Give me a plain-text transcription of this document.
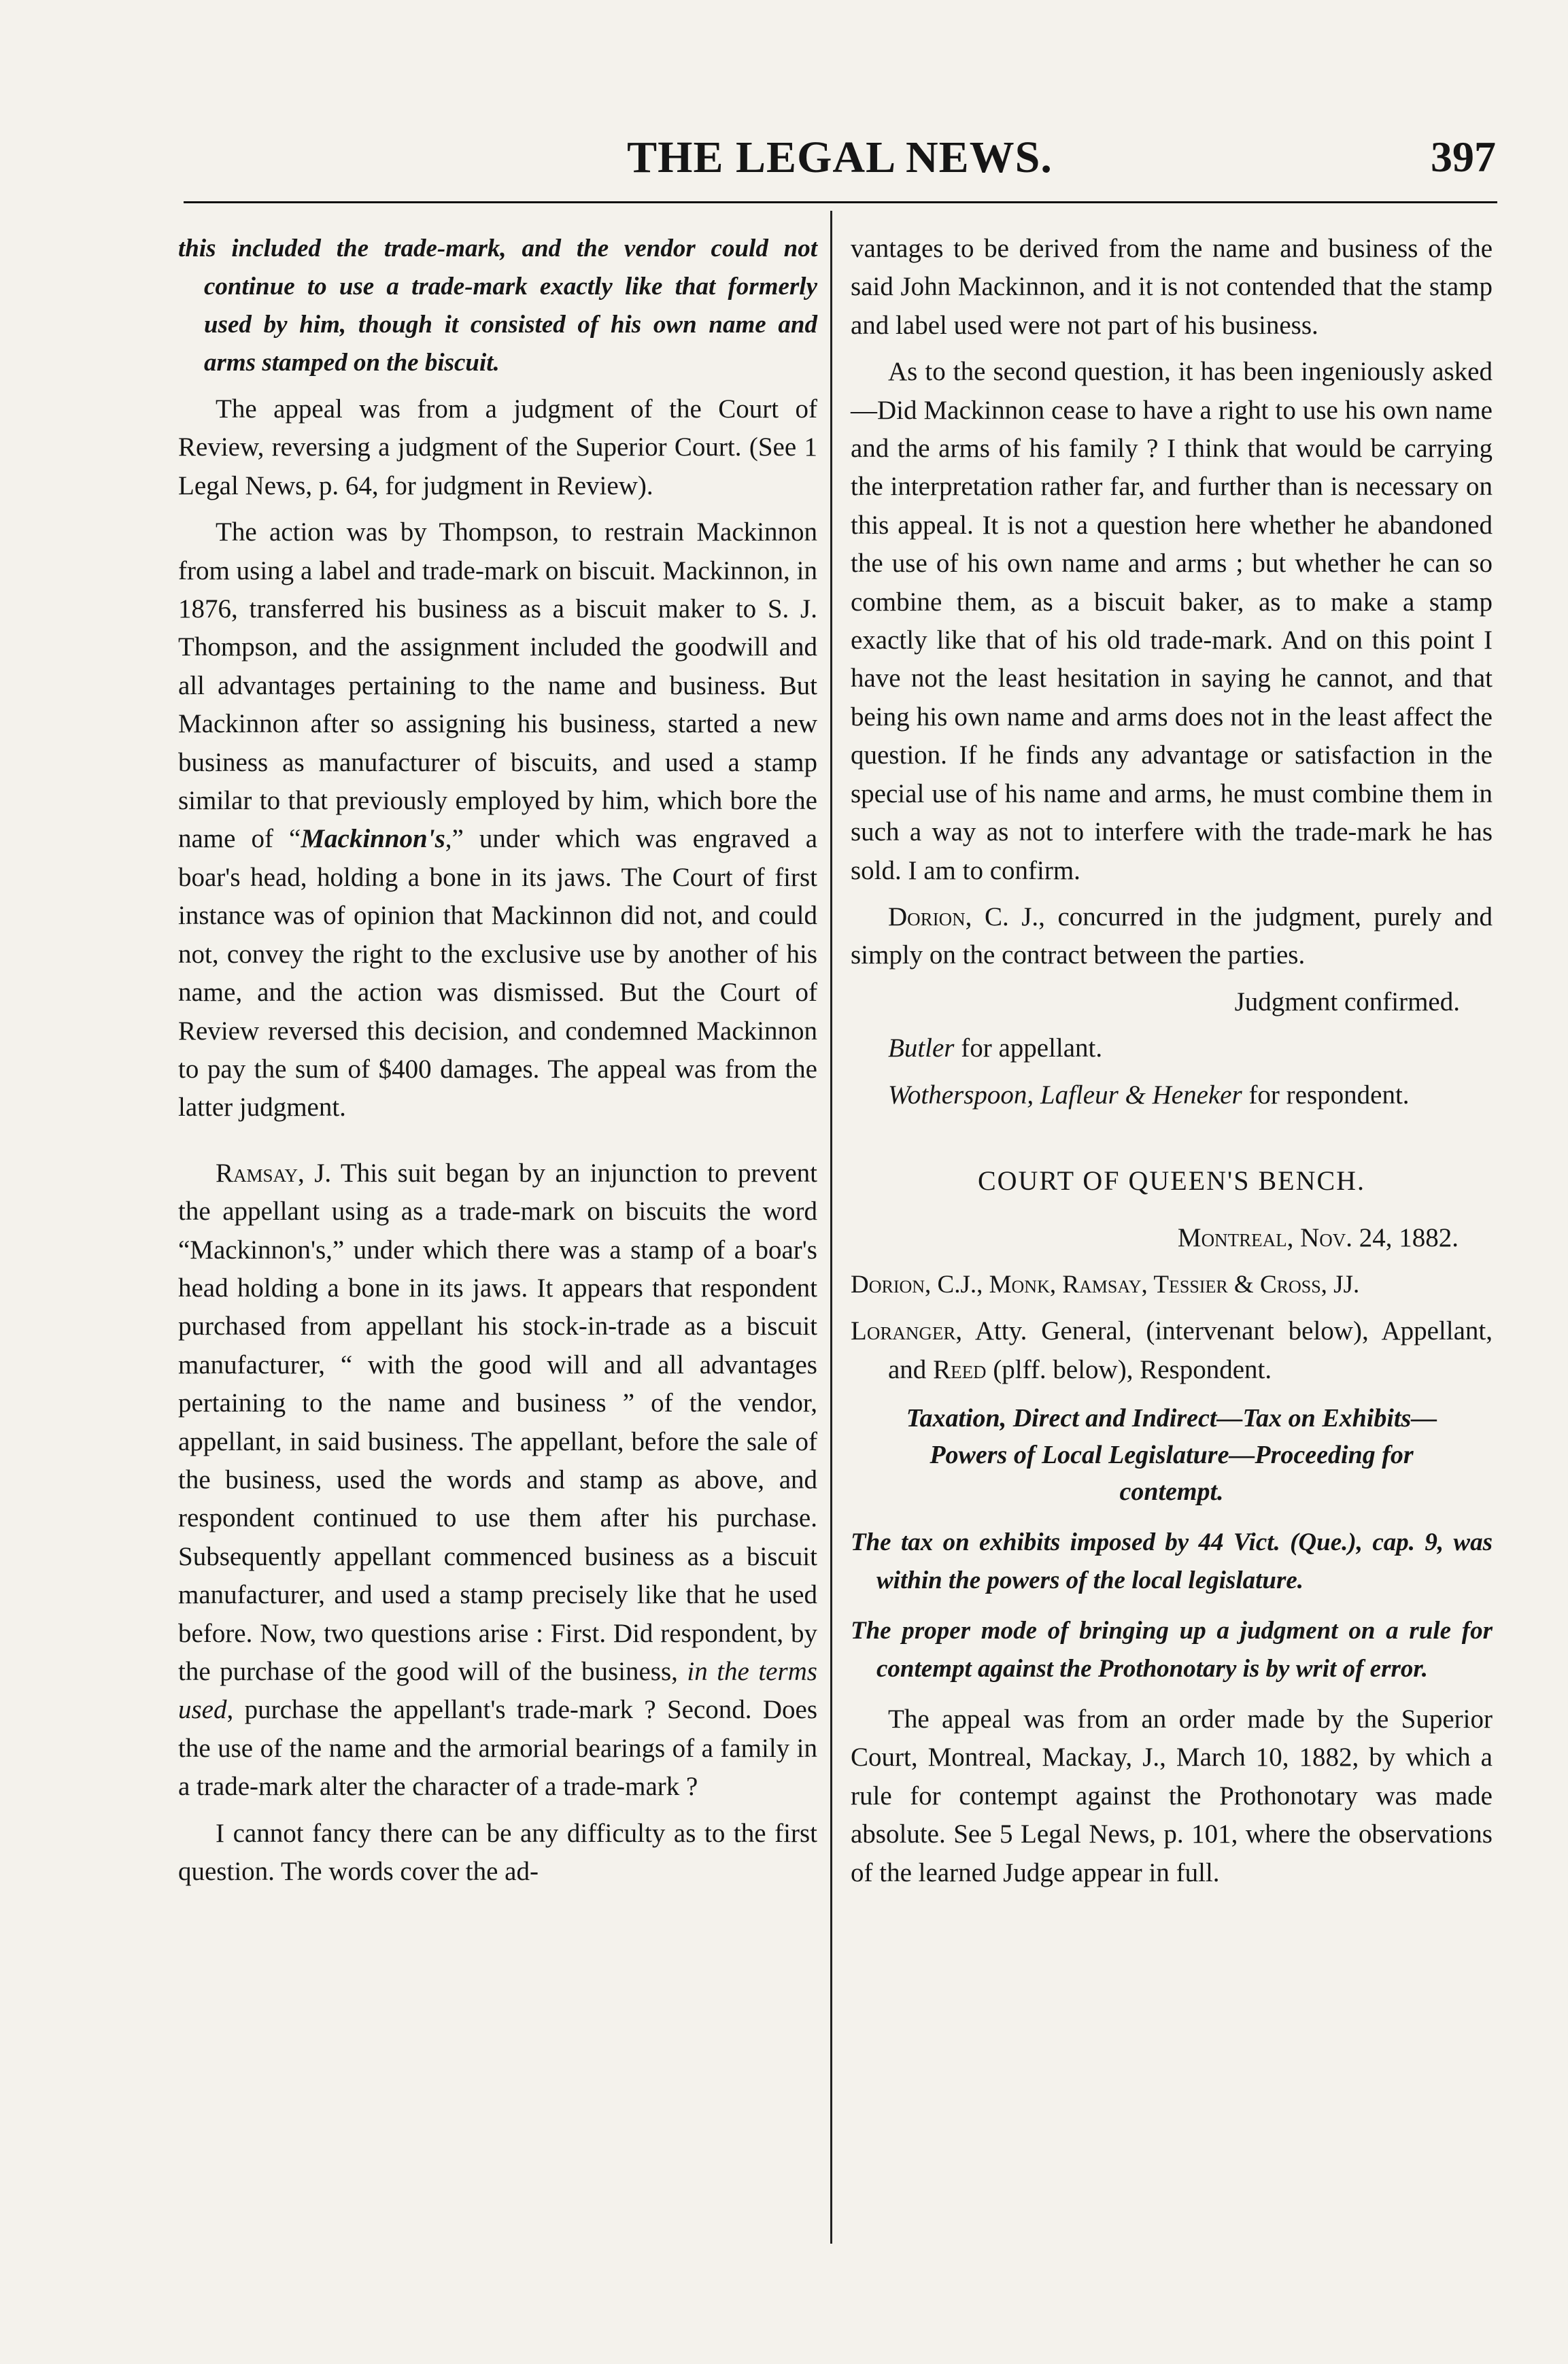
THE LEGAL NEWS.	397

this included the trade-mark, and the vendor could not continue to use a trade-mark exactly like that formerly used by him, though it consisted of his own name and arms stamped on the biscuit.

The appeal was from a judgment of the Court of Review, reversing a judgment of the Superior Court. (See 1 Legal News, p. 64, for judgment in Review).

The action was by Thompson, to restrain Mackinnon from using a label and trade-mark on biscuit. Mackinnon, in 1876, transferred his business as a biscuit maker to S. J. Thompson, and the assignment included the goodwill and all advantages pertaining to the name and business. But Mackinnon after so assigning his business, started a new business as manufacturer of biscuits, and used a stamp similar to that previously employed by him, which bore the name of “Mackinnon's,” under which was engraved a boar's head, holding a bone in its jaws. The Court of first instance was of opinion that Mackinnon did not, and could not, convey the right to the exclusive use by another of his name, and the action was dismissed. But the Court of Review reversed this decision, and condemned Mackinnon to pay the sum of $400 damages. The appeal was from the latter judgment.

Ramsay, J. This suit began by an injunction to prevent the appellant using as a trade-mark on biscuits the word “Mackinnon's,” under which there was a stamp of a boar's head holding a bone in its jaws. It appears that respondent purchased from appellant his stock-in-trade as a biscuit manufacturer, “ with the good will and all advantages pertaining to the name and business ” of the vendor, appellant, in said business. The appellant, before the sale of the business, used the words and stamp as above, and respondent continued to use them after his purchase. Subsequently appellant commenced business as a biscuit manufacturer, and used a stamp precisely like that he used before. Now, two questions arise : First. Did respondent, by the purchase of the good will of the business, in the terms used, purchase the appellant's trade-mark ? Second. Does the use of the name and the armorial bearings of a family in a trade-mark alter the character of a trade-mark ?

I cannot fancy there can be any difficulty as to the first question. The words cover the ad-

vantages to be derived from the name and business of the said John Mackinnon, and it is not contended that the stamp and label used were not part of his business.

As to the second question, it has been ingeniously asked—Did Mackinnon cease to have a right to use his own name and the arms of his family ? I think that would be carrying the interpretation rather far, and further than is necessary on this appeal. It is not a question here whether he abandoned the use of his own name and arms ; but whether he can so combine them, as a biscuit baker, as to make a stamp exactly like that of his old trade-mark. And on this point I have not the least hesitation in saying he cannot, and that being his own name and arms does not in the least affect the question. If he finds any advantage or satisfaction in the special use of his name and arms, he must combine them in such a way as not to interfere with the trade-mark he has sold. I am to confirm.

Dorion, C. J., concurred in the judgment, purely and simply on the contract between the parties.

Judgment confirmed.

Butler for appellant.

Wotherspoon, Lafleur & Heneker for respondent.

COURT OF QUEEN'S BENCH.

Montreal, Nov. 24, 1882.

Dorion, C.J., Monk, Ramsay, Tessier & Cross, JJ.

Loranger, Atty. General, (intervenant below), Appellant, and Reed (plff. below), Respondent.

Taxation, Direct and Indirect—Tax on Exhibits—Powers of Local Legislature—Proceeding for contempt.

The tax on exhibits imposed by 44 Vict. (Que.), cap. 9, was within the powers of the local legislature.

The proper mode of bringing up a judgment on a rule for contempt against the Prothonotary is by writ of error.

The appeal was from an order made by the Superior Court, Montreal, Mackay, J., March 10, 1882, by which a rule for contempt against the Prothonotary was made absolute. See 5 Legal News, p. 101, where the observations of the learned Judge appear in full.
